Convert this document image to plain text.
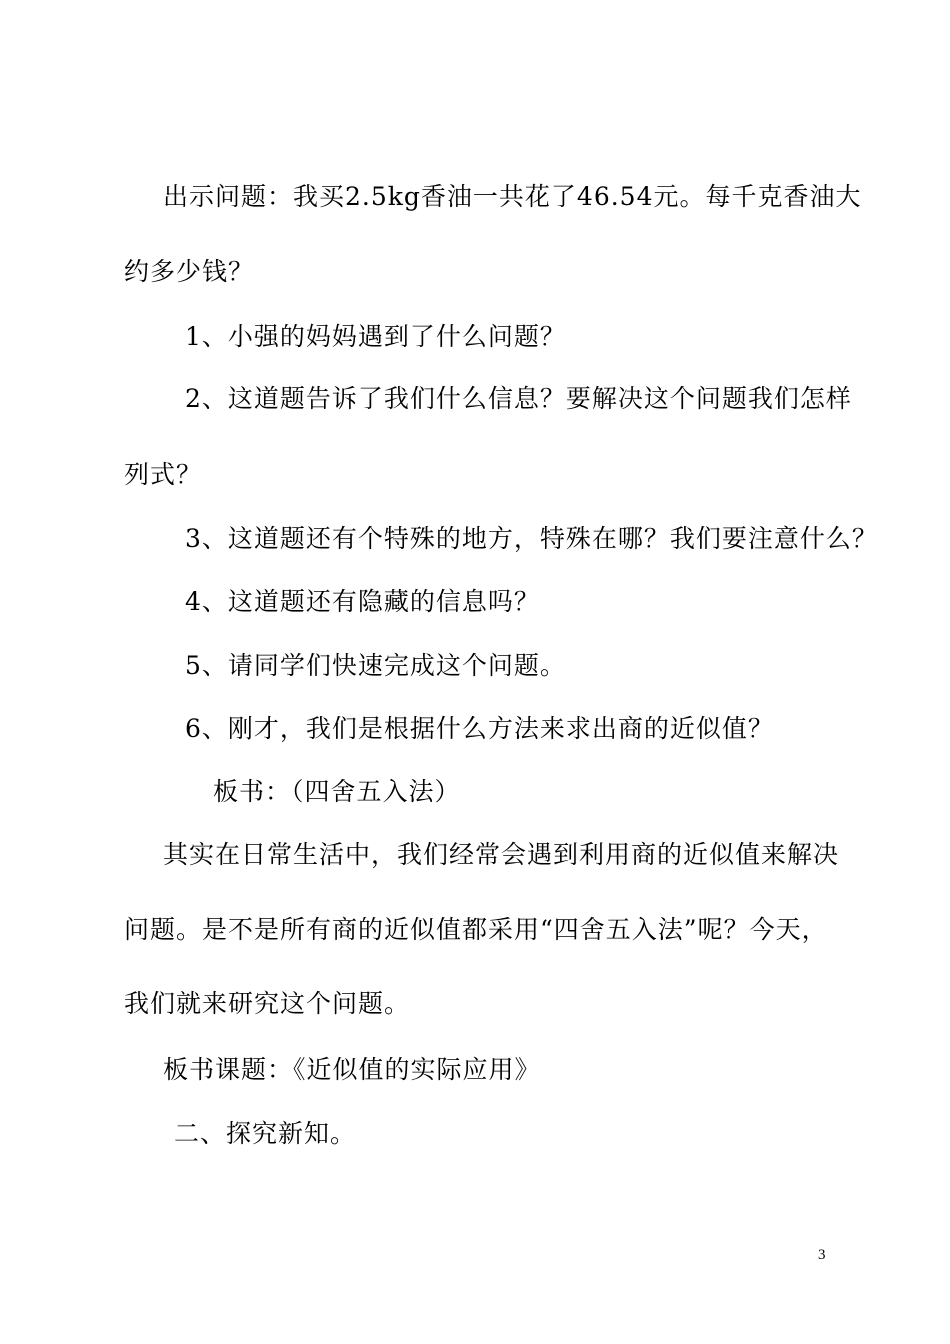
出示问题：我买2.5kg香油一共花了46.54元。每千克香油大
约多少钱？
1、小强的妈妈遇到了什么问题？
2、这道题告诉了我们什么信息？要解决这个问题我们怎样
列式？
3、这道题还有个特殊的地方，特殊在哪？我们要注意什么？
4、这道题还有隐藏的信息吗？
5、请同学们快速完成这个问题。
6、刚才，我们是根据什么方法来求出商的近似值？
板书：（四舍五入法）
其实在日常生活中，我们经常会遇到利用商的近似值来解决
问题。是不是所有商的近似值都采用“四舍五入法”呢？今天，
我们就来研究这个问题。
板书课题：《近似值的实际应用》
二、探究新知。
3
